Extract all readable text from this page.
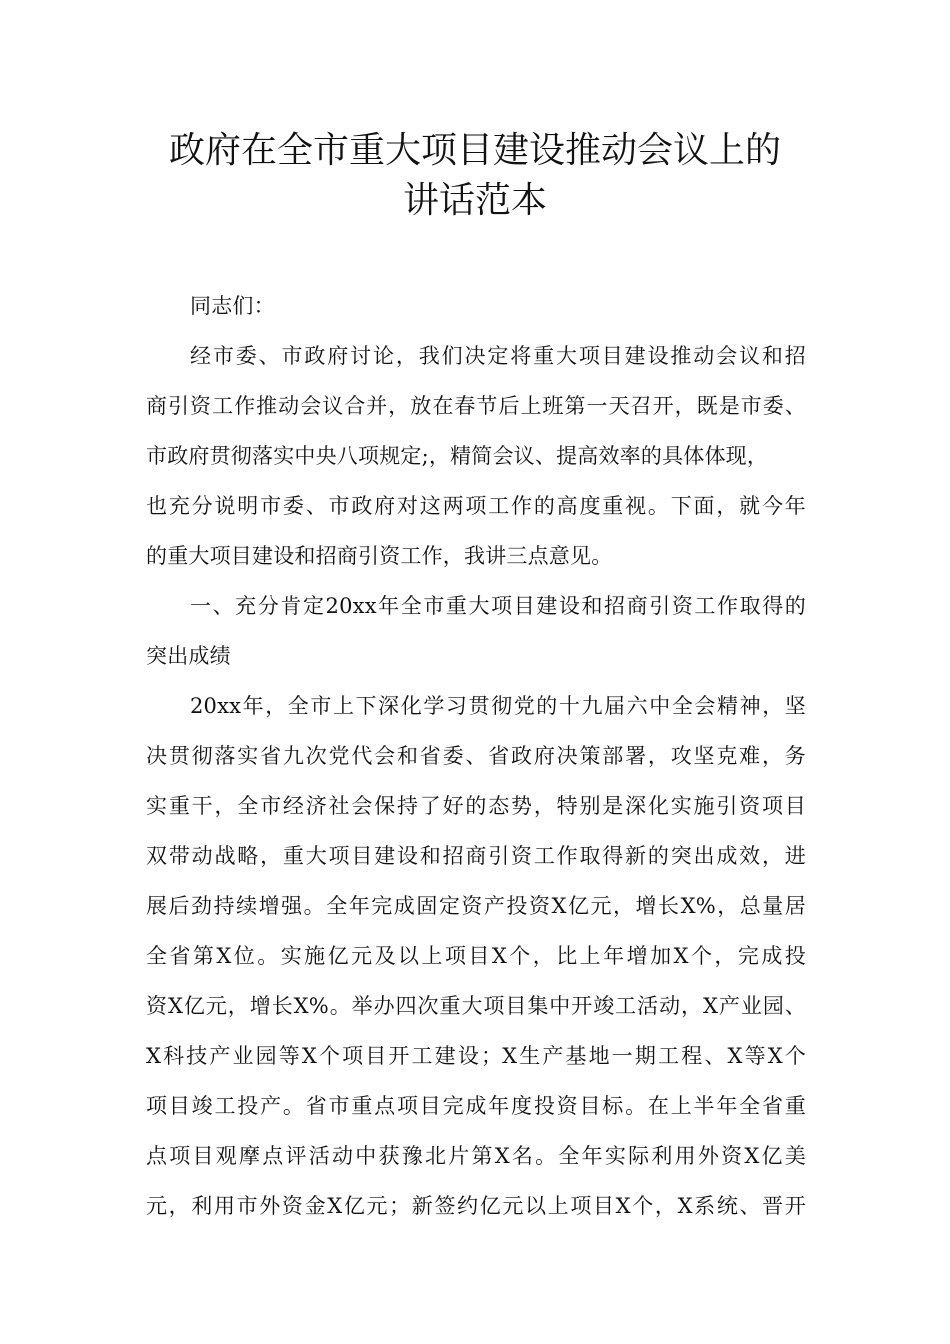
政府在全市重大项目建设推动会议上的
讲话范本
同志们：
经市委、市政府讨论，我们决定将重大项目建设推动会议和招
商引资工作推动会议合并，放在春节后上班第一天召开，既是市委、
市政府贯彻落实中央八项规定;，精简会议、提高效率的具体体现，
也充分说明市委、市政府对这两项工作的高度重视。下面，就今年
的重大项目建设和招商引资工作，我讲三点意见。
一、充分肯定20xx年全市重大项目建设和招商引资工作取得的
突出成绩
20xx年，全市上下深化学习贯彻党的十九届六中全会精神，坚
决贯彻落实省九次党代会和省委、省政府决策部署，攻坚克难，务
实重干，全市经济社会保持了好的态势，特别是深化实施引资项目
双带动战略，重大项目建设和招商引资工作取得新的突出成效，进
展后劲持续增强。全年完成固定资产投资X亿元，增长X%，总量居
全省第X位。实施亿元及以上项目X个，比上年增加X个，完成投
资X亿元，增长X%。举办四次重大项目集中开竣工活动，X产业园、
X科技产业园等X个项目开工建设；X生产基地一期工程、X等X个
项目竣工投产。省市重点项目完成年度投资目标。在上半年全省重
点项目观摩点评活动中获豫北片第X名。全年实际利用外资X亿美
元，利用市外资金X亿元；新签约亿元以上项目X个，X系统、晋开
